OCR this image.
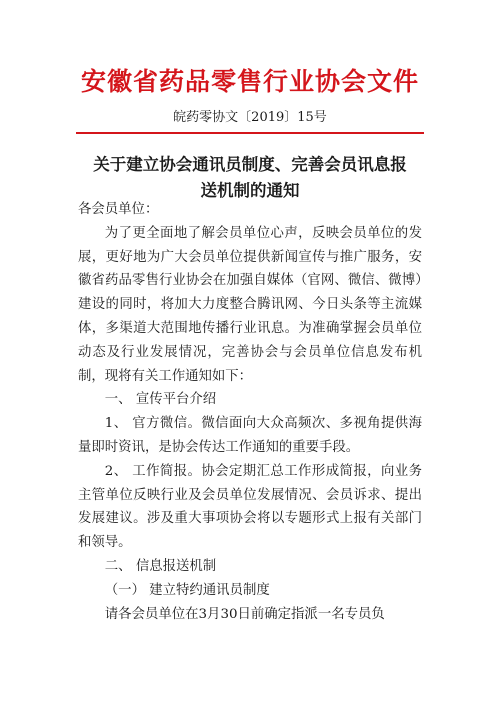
安徽省药品零售行业协会文件
皖药零协文〔2019〕15号
关于建立协会通讯员制度、完善会员讯息报
送机制的通知

各会员单位：

为了更全面地了解会员单位心声，反映会员单位的发展，更好地为广大会员单位提供新闻宣传与推广服务，安徽省药品零售行业协会在加强自媒体（官网、微信、微博）建设的同时，将加大力度整合腾讯网、今日头条等主流媒体，多渠道大范围地传播行业讯息。为准确掌握会员单位动态及行业发展情况，完善协会与会员单位信息发布机制，现将有关工作通知如下：

一、 宣传平台介绍

1、 官方微信。微信面向大众高频次、多视角提供海量即时资讯，是协会传达工作通知的重要手段。

2、 工作简报。协会定期汇总工作形成简报，向业务主管单位反映行业及会员单位发展情况、会员诉求、提出发展建议。涉及重大事项协会将以专题形式上报有关部门和领导。

二、 信息报送机制

（一） 建立特约通讯员制度

请各会员单位在3月30日前确定指派一名专员负
